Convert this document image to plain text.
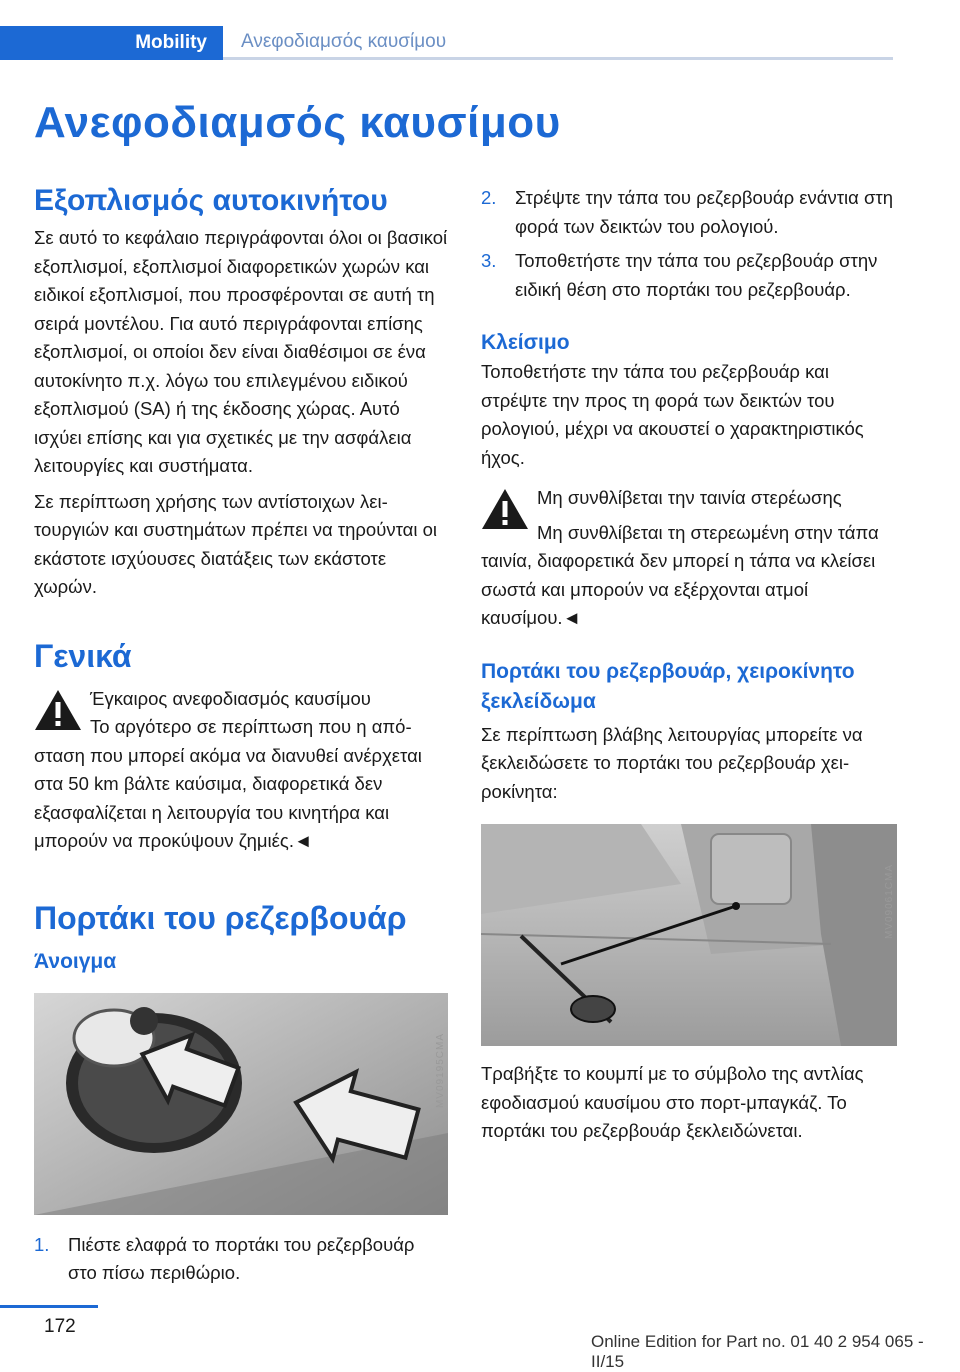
Mobility	Ανεφοδιαμσός καυσίμου
Ανεφοδιαμσός καυσίμου
Εξοπλισμός αυτοκινήτου

Σε αυτό το κεφάλαιο περιγράφονται όλοι οι βασικοί εξοπλισμοί, εξοπλισμοί διαφορετικών χωρών και ειδικοί εξοπλισμοί, που προσφέρονται σε αυτή τη σειρά μοντέλου. Για αυτό περιγράφονται επίσης εξοπλισμοί, οι οποίοι δεν είναι διαθέσιμοι σε ένα αυτοκίνητο π.χ. λόγω του επιλεγμένου ειδικού εξοπλισμού (SA) ή της έκδοσης χώρας. Αυτό ισχύει επίσης και για σχετικές με την ασφάλεια λειτουργίες και συστήματα.

Σε περίπτωση χρήσης των αντίστοιχων λειτουργιών και συστημάτων πρέπει να τηρούνται οι εκάστοτε ισχύουσες διατάξεις των εκάστοτε χωρών.

Γενικά

Έγκαιρος ανεφοδιασμός καυσίμου

Το αργότερο σε περίπτωση που η απόσταση που μπορεί ακόμα να διανυθεί ανέρχεται στα 50 km βάλτε καύσιμα, διαφορετικά δεν εξασφαλίζεται η λειτουργία του κινητήρα και μπορούν να προκύψουν ζημιές.◄

Πορτάκι του ρεζερβουάρ
Άνοιγμα
MV09195CMA
1.	Πιέστε ελαφρά το πορτάκι του ρεζερβουάρ στο πίσω περιθώριο.
2.	Στρέψτε την τάπα του ρεζερβουάρ ενάντια στη φορά των δεικτών του ρολογιού.
3.	Τοποθετήστε την τάπα του ρεζερβουάρ στην ειδική θέση στο πορτάκι του ρεζερβουάρ.
Κλείσιμο

Τοποθετήστε την τάπα του ρεζερβουάρ και στρέψτε την προς τη φορά των δεικτών του ρολογιού, μέχρι να ακουστεί ο χαρακτηριστικός ήχος.

Μη συνθλίβεται την ταινία στερέωσης

Μη συνθλίβεται τη στερεωμένη στην τάπα ταινία, διαφορετικά δεν μπορεί η τάπα να κλείσει σωστά και μπορούν να εξέρχονται ατμοί καυσίμου.◄

Πορτάκι του ρεζερβουάρ, χειροκίνητο ξεκλείδωμα

Σε περίπτωση βλάβης λειτουργίας μπορείτε να ξεκλειδώσετε το πορτάκι του ρεζερβουάρ χειροκίνητα:

MV09061CMA

Τραβήξτε το κουμπί με το σύμβολο της αντλίας εφοδιασμού καυσίμου στο πορτ-μπαγκάζ. Το πορτάκι του ρεζερβουάρ ξεκλειδώνεται.

172
Online Edition for Part no. 01 40 2 954 065 - II/15
